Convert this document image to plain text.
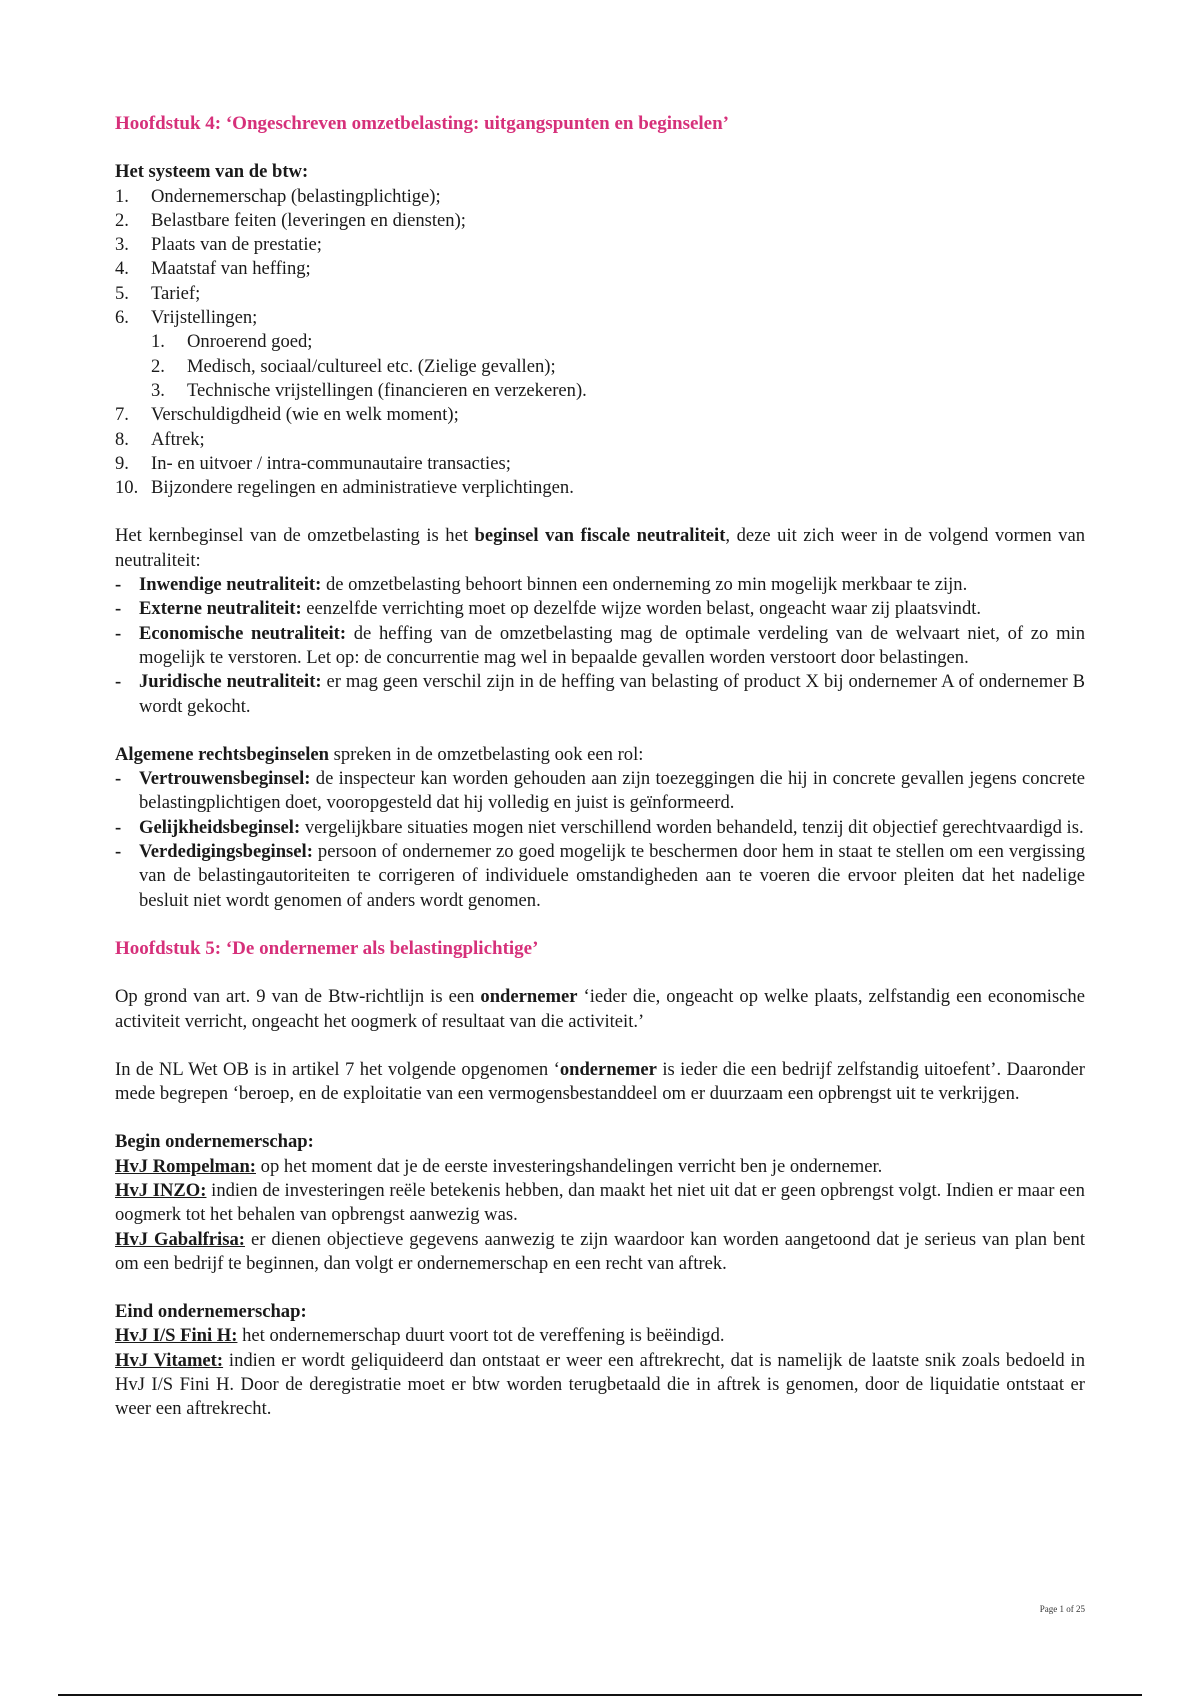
Hoofdstuk 4: ‘Ongeschreven omzetbelasting: uitgangspunten en beginselen’
Het systeem van de btw:
1.	Ondernemerschap (belastingplichtige);
2.	Belastbare feiten (leveringen en diensten);
3.	Plaats van de prestatie;
4.	Maatstaf van heffing;
5.	Tarief;
6.	Vrijstellingen;
1.	Onroerend goed;
2.	Medisch, sociaal/cultureel etc. (Zielige gevallen);
3.	Technische vrijstellingen (financieren en verzekeren).
7.	Verschuldigdheid (wie en welk moment);
8.	Aftrek;
9.	In- en uitvoer / intra-communautaire transacties;
10. Bijzondere regelingen en administratieve verplichtingen.
Het kernbeginsel van de omzetbelasting is het beginsel van fiscale neutraliteit, deze uit zich weer in de volgend vormen van neutraliteit:
- Inwendige neutraliteit: de omzetbelasting behoort binnen een onderneming zo min mogelijk merkbaar te zijn.
- Externe neutraliteit: eenzelfde verrichting moet op dezelfde wijze worden belast, ongeacht waar zij plaatsvindt.
- Economische neutraliteit: de heffing van de omzetbelasting mag de optimale verdeling van de welvaart niet, of zo min mogelijk te verstoren. Let op: de concurrentie mag wel in bepaalde gevallen worden verstoort door belastingen.
- Juridische neutraliteit: er mag geen verschil zijn in de heffing van belasting of product X bij ondernemer A of ondernemer B wordt gekocht.
Algemene rechtsbeginselen spreken in de omzetbelasting ook een rol:
- Vertrouwensbeginsel: de inspecteur kan worden gehouden aan zijn toezeggingen die hij in concrete gevallen jegens concrete belastingplichtigen doet, vooropgesteld dat hij volledig en juist is geïnformeerd.
- Gelijkheidsbeginsel: vergelijkbare situaties mogen niet verschillend worden behandeld, tenzij dit objectief gerechtvaardigd is.
- Verdedigingsbeginsel: persoon of ondernemer zo goed mogelijk te beschermen door hem in staat te stellen om een vergissing van de belastingautoriteiten te corrigeren of individuele omstandigheden aan te voeren die ervoor pleiten dat het nadelige besluit niet wordt genomen of anders wordt genomen.
Hoofdstuk 5: ‘De ondernemer als belastingplichtige’
Op grond van art. 9 van de Btw-richtlijn is een ondernemer ‘ieder die, ongeacht op welke plaats, zelfstandig een economische activiteit verricht, ongeacht het oogmerk of resultaat van die activiteit.’
In de NL Wet OB is in artikel 7 het volgende opgenomen ‘ondernemer is ieder die een bedrijf zelfstandig uitoefent’. Daaronder mede begrepen ‘beroep, en de exploitatie van een vermogensbestanddeel om er duurzaam een opbrengst uit te verkrijgen.
Begin ondernemerschap:
HvJ Rompelman: op het moment dat je de eerste investeringshandelingen verricht ben je ondernemer.
HvJ INZO: indien de investeringen reële betekenis hebben, dan maakt het niet uit dat er geen opbrengst volgt. Indien er maar een oogmerk tot het behalen van opbrengst aanwezig was.
HvJ Gabalfrisa: er dienen objectieve gegevens aanwezig te zijn waardoor kan worden aangetoond dat je serieus van plan bent om een bedrijf te beginnen, dan volgt er ondernemerschap en een recht van aftrek.
Eind ondernemerschap:
HvJ I/S Fini H: het ondernemerschap duurt voort tot de vereffening is beëindigd.
HvJ Vitamet: indien er wordt geliquideerd dan ontstaat er weer een aftrekrecht, dat is namelijk de laatste snik zoals bedoeld in HvJ I/S Fini H. Door de deregistratie moet er btw worden terugbetaald die in aftrek is genomen, door de liquidatie ontstaat er weer een aftrekrecht.
Page 1 of 25
